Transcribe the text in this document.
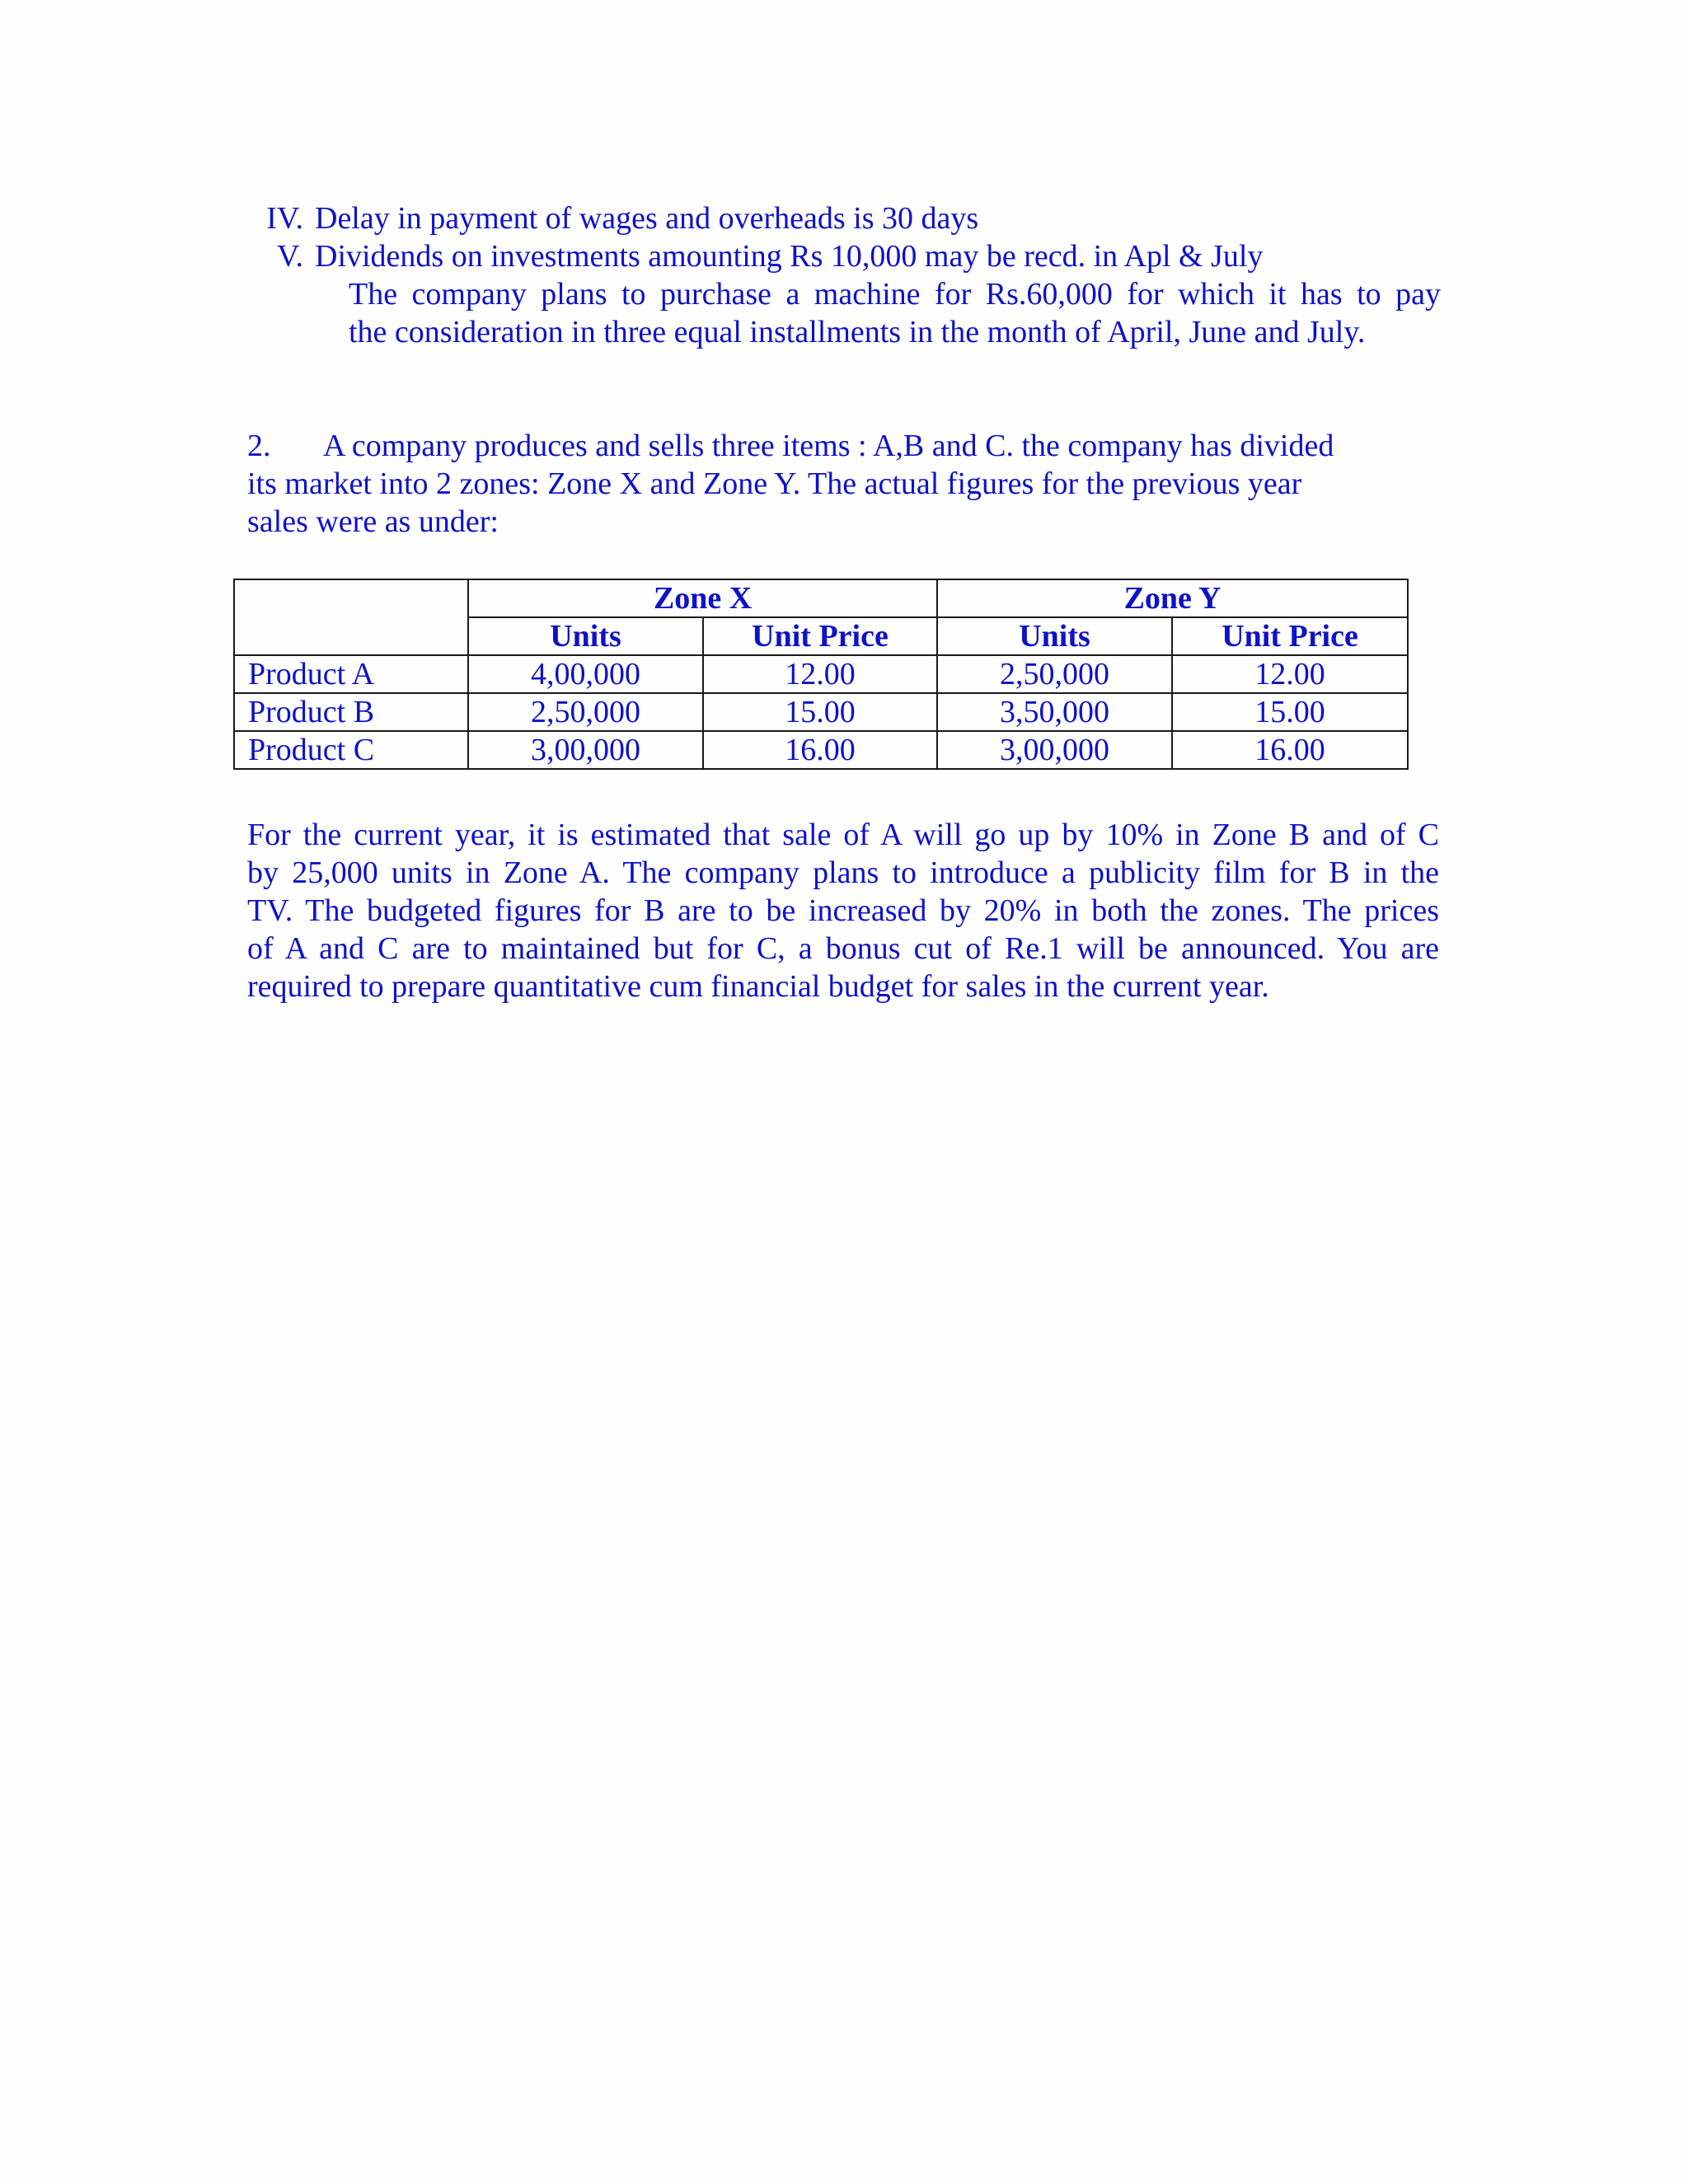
IV. Delay in payment of wages and overheads is 30 days
V. Dividends on investments amounting Rs 10,000 may be recd. in Apl & July
The company plans to purchase a machine for Rs.60,000 for which it has to pay
the consideration in three equal installments in the month of April, June and July.
2. A company produces and sells three items : A,B and C. the company has divided
its market into 2 zones: Zone X and Zone Y. The actual figures for the previous year
sales were as under:
	Zone X		Zone Y	
	Units	Unit Price	Units	Unit Price
Product A	4,00,000	12.00	2,50,000	12.00
Product B	2,50,000	15.00	3,50,000	15.00
Product C	3,00,000	16.00	3,00,000	16.00
For the current year, it is estimated that sale of A will go up by 10% in Zone B and of C
by 25,000 units in Zone A. The company plans to introduce a publicity film for B in the
TV. The budgeted figures for B are to be increased by 20% in both the zones. The prices
of A and C are to maintained but for C, a bonus cut of Re.1 will be announced. You are
required to prepare quantitative cum financial budget for sales in the current year.
